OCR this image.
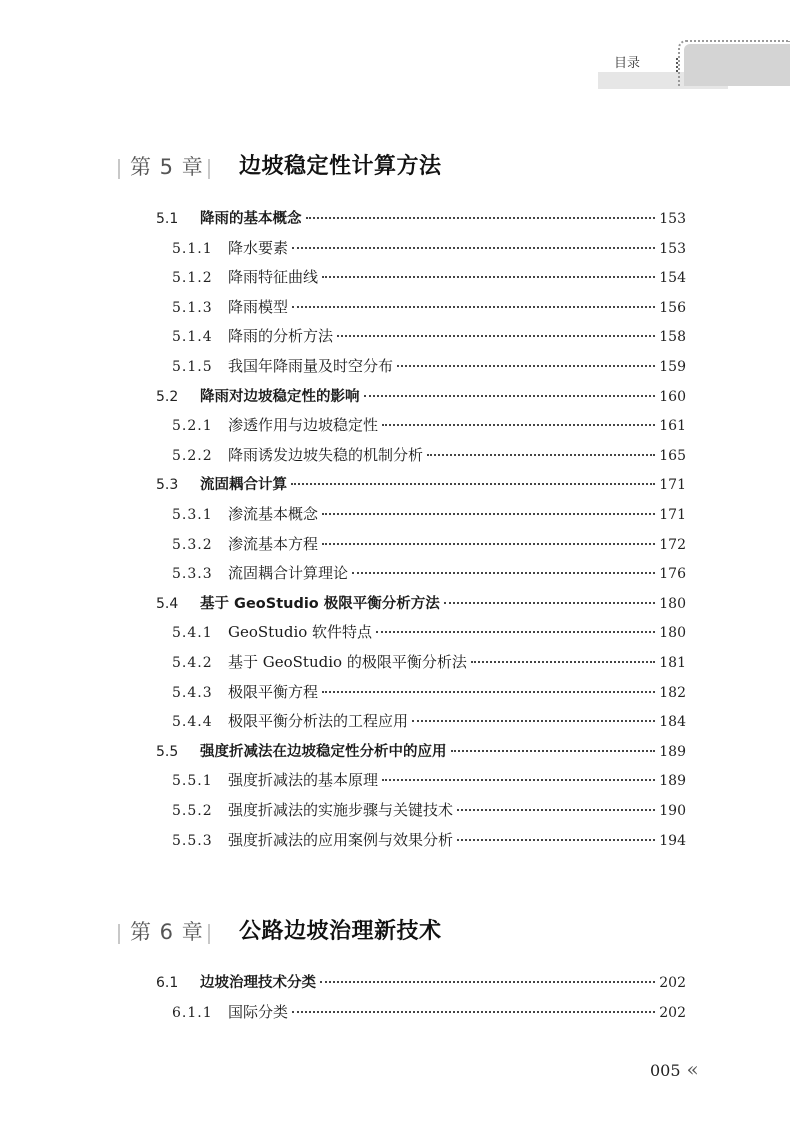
目录
第 5 章 边坡稳定性计算方法
5.1	降雨的基本概念	153
5.1.1	降水要素	153
5.1.2	降雨特征曲线	154
5.1.3	降雨模型	156
5.1.4	降雨的分析方法	158
5.1.5	我国年降雨量及时空分布	159
5.2	降雨对边坡稳定性的影响	160
5.2.1	渗透作用与边坡稳定性	161
5.2.2	降雨诱发边坡失稳的机制分析	165
5.3	流固耦合计算	171
5.3.1	渗流基本概念	171
5.3.2	渗流基本方程	172
5.3.3	流固耦合计算理论	176
5.4	基于 GeoStudio 极限平衡分析方法	180
5.4.1	GeoStudio 软件特点	180
5.4.2	基于 GeoStudio 的极限平衡分析法	181
5.4.3	极限平衡方程	182
5.4.4	极限平衡分析法的工程应用	184
5.5	强度折减法在边坡稳定性分析中的应用	189
5.5.1	强度折减法的基本原理	189
5.5.2	强度折减法的实施步骤与关键技术	190
5.5.3	强度折减法的应用案例与效果分析	194
第 6 章 公路边坡治理新技术
6.1	边坡治理技术分类	202
6.1.1	国际分类	202
005 «
